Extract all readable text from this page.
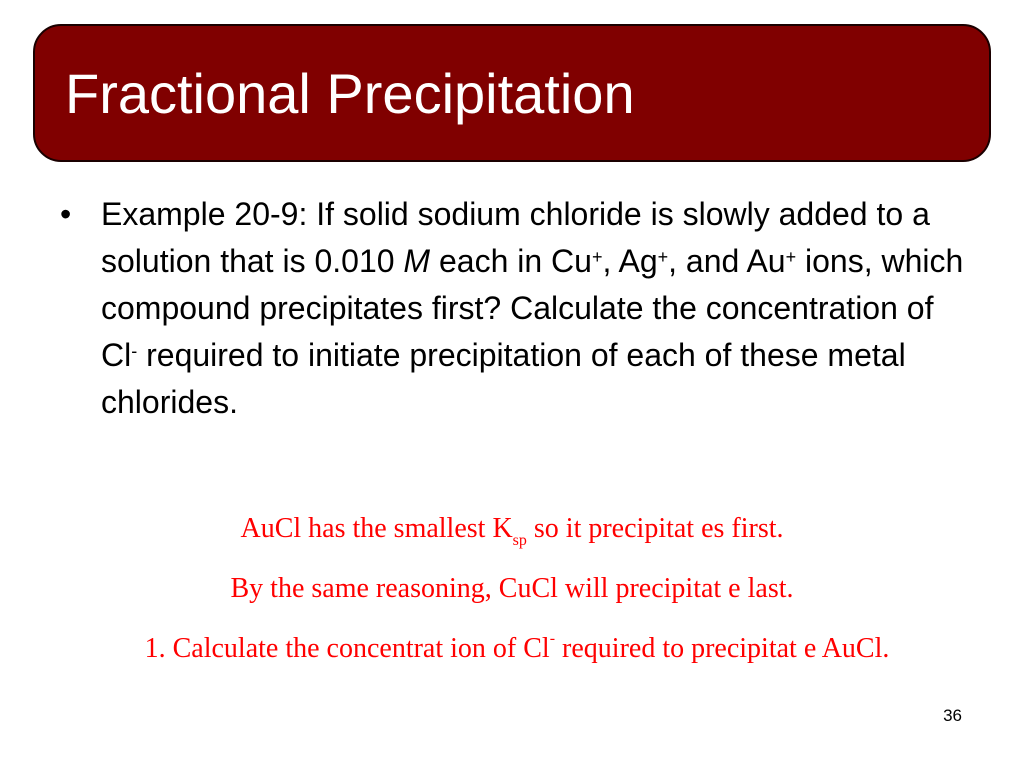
Fractional Precipitation
• Example 20-9: If solid sodium chloride is slowly added to a solution that is 0.010 M each in Cu+, Ag+, and Au+ ions, which compound precipitates first? Calculate the concentration of Cl- required to initiate precipitation of each of these metal chlorides.
AuCl has the smallest $K_{sp}$ so it precipitat es first.
By the same reasoning, CuCl will precipitat e last.
1. Calculate the concentrat ion of Cl- required to precipitat e AuCl.
36
